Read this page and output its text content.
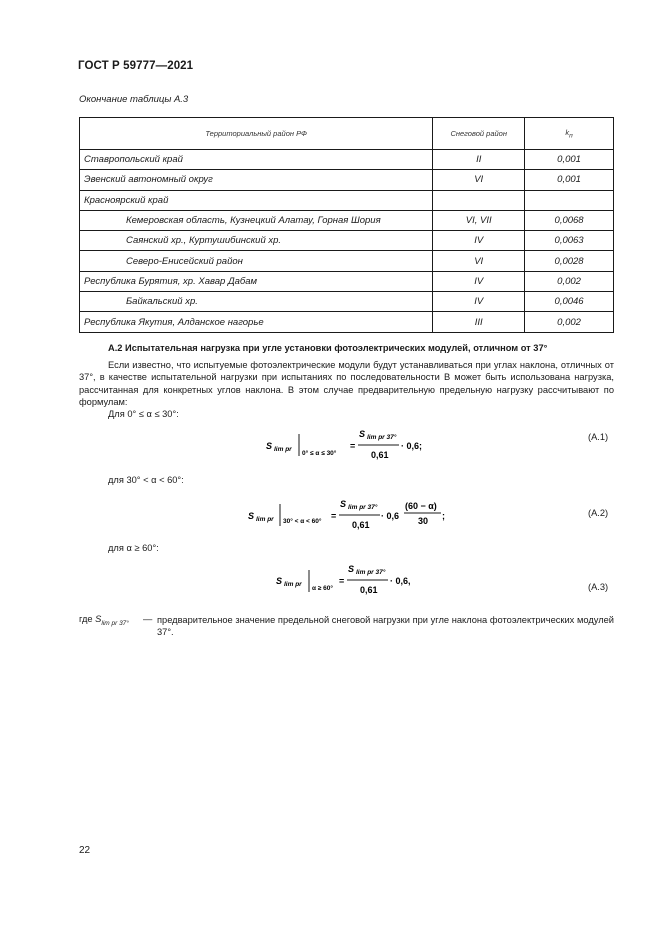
ГОСТ Р 59777—2021
Окончание таблицы А.3
Территориальный район РФ	Снеговой район	$k_п$
Ставропольский край	II	0,001
Эвенский автономный округ	VI	0,001
Красноярский край		
Кемеровская область, Кузнецкий Алатау, Горная Шория	VI, VII	0,0068
Саянский хр., Куртушибинский хр.	IV	0,0063
Северо-Енисейский район	VI	0,0028
Республика Бурятия, хр. Хавар Дабам	IV	0,002
Байкальский хр.	IV	0,0046
Республика Якутия, Алданское нагорье	III	0,002
А.2 Испытательная нагрузка при угле установки фотоэлектрических модулей, отличном от 37°
Если известно, что испытуемые фотоэлектрические модули будут устанавливаться при углах наклона, отличных от 37°, в качестве испытательной нагрузки при испытаниях по последовательности В может быть использована нагрузка, рассчитанная для конкретных углов наклона. В этом случае предварительную предельную нагрузку рассчитывают по формулам:
Для 0° ≤ α ≤ 30°:
S lim pr
0° ≤ α ≤ 30°
=
S lim pr 37°
0,61
· 0,6;
(А.1)
для 30° < α < 60°:
S lim pr 30° < α < 60°
=
S lim pr 37°
0,61
· 0,6
(60 − α)
30 ;	(А.2)
для α ≥ 60°:
S lim pr
α ≥ 60°
=
S lim pr 37°
0,61
· 0,6,
(А.3)
где $S_{lim pr 37^\circ}$ — предварительное значение предельной снеговой нагрузки при угле наклона фотоэлектрических модулей 37°.
22
